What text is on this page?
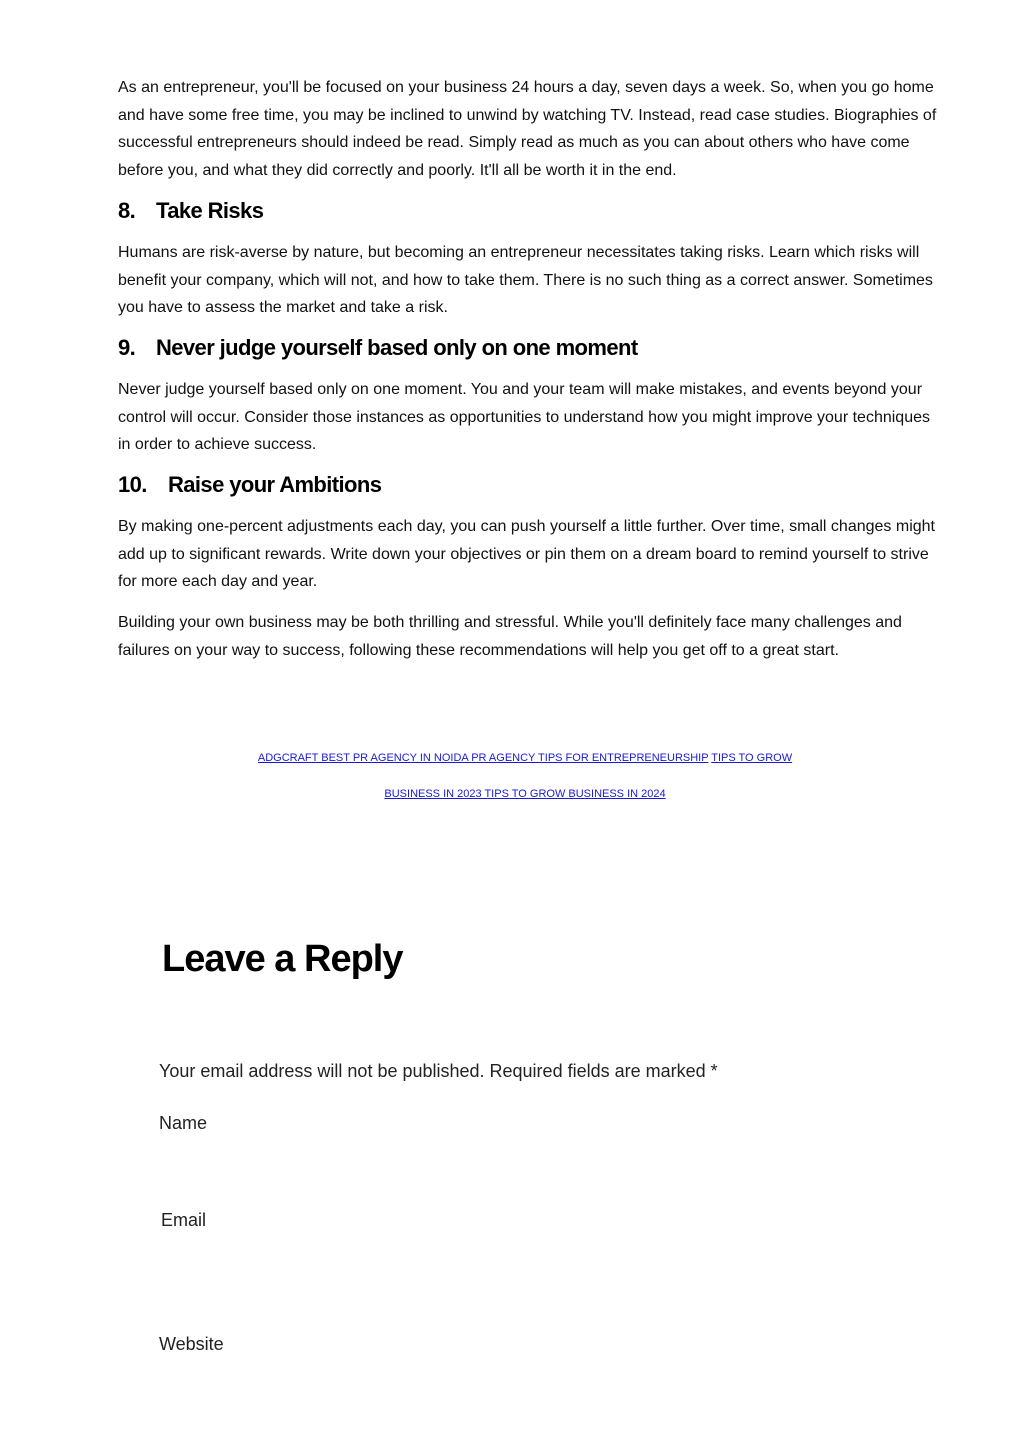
As an entrepreneur, you'll be focused on your business 24 hours a day, seven days a week. So, when you go home and have some free time, you may be inclined to unwind by watching TV. Instead, read case studies. Biographies of successful entrepreneurs should indeed be read. Simply read as much as you can about others who have come before you, and what they did correctly and poorly. It'll all be worth it in the end.

8. Take Risks

Humans are risk-averse by nature, but becoming an entrepreneur necessitates taking risks. Learn which risks will benefit your company, which will not, and how to take them. There is no such thing as a correct answer. Sometimes you have to assess the market and take a risk.

9. Never judge yourself based only on one moment

Never judge yourself based only on one moment. You and your team will make mistakes, and events beyond your control will occur. Consider those instances as opportunities to understand how you might improve your techniques in order to achieve success.

10. Raise your Ambitions

By making one-percent adjustments each day, you can push yourself a little further. Over time, small changes might add up to significant rewards. Write down your objectives or pin them on a dream board to remind yourself to strive for more each day and year.

Building your own business may be both thrilling and stressful. While you'll definitely face many challenges and failures on your way to success, following these recommendations will help you get off to a great start.

ADGCRAFT BEST PR AGENCY IN NOIDA PR AGENCY TIPS FOR ENTREPRENEURSHIP TIPS TO GROW
BUSINESS IN 2023 TIPS TO GROW BUSINESS IN 2024
Leave a Reply
Your email address will not be published. Required fields are marked *
Name
Email
Website
